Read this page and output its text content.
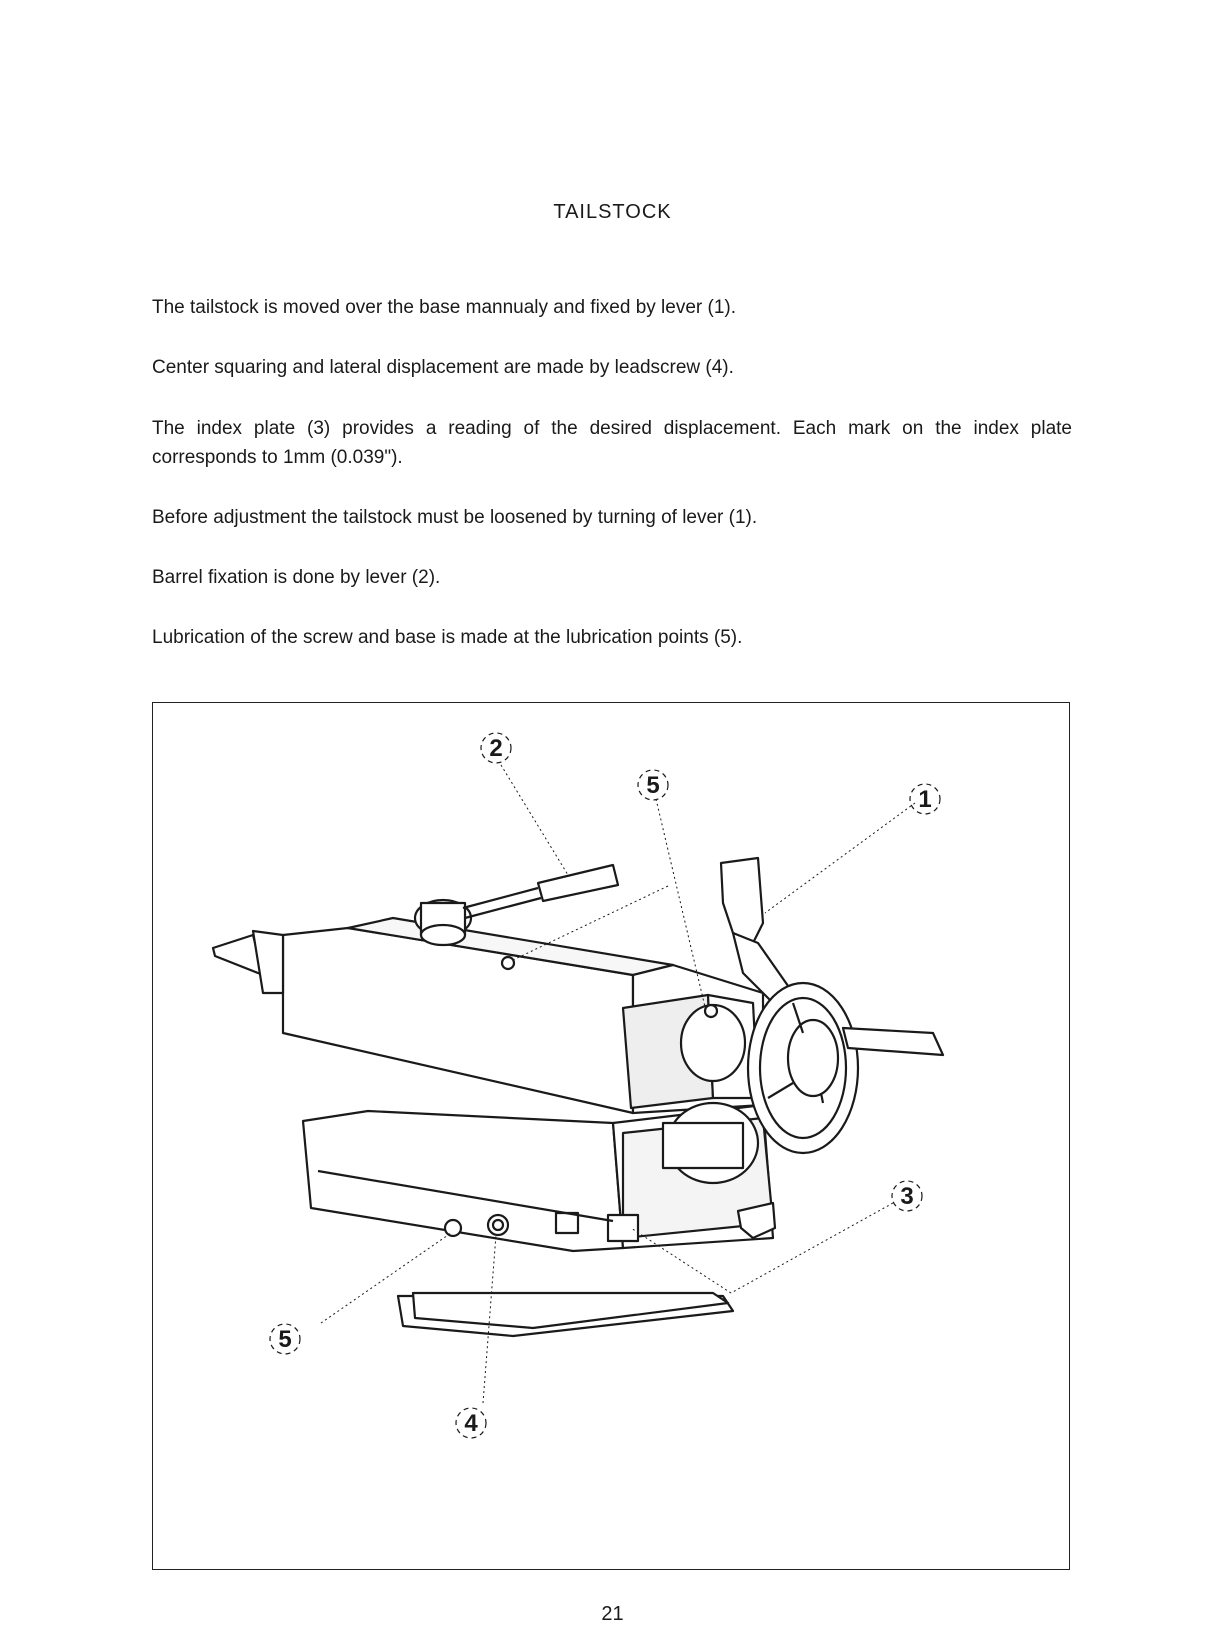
TAILSTOCK
The tailstock is moved over the base mannualy and fixed by lever (1).
Center squaring and lateral displacement are made by leadscrew (4).
The index plate (3) provides a reading of the desired displacement. Each mark on the index plate corresponds to 1mm (0.039").
Before adjustment the tailstock must be loosened by turning of lever (1).
Barrel fixation is done by lever (2).
Lubrication of the screw and base is made at the lubrication points (5).
2
5
1
3
5
4
21
